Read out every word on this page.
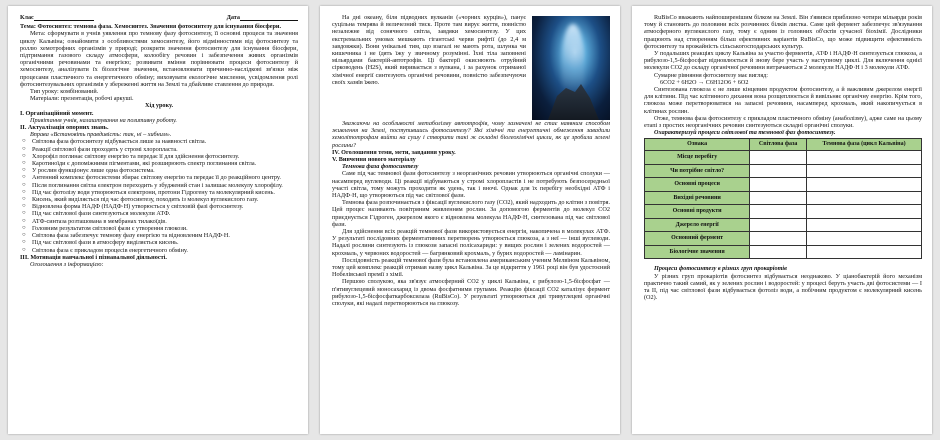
Клас	Дата

Тема: Фотосинтез: темнова фаза. Хемосинтез. Значення фотосинтезу для існування біосфери.

Мета: сформувати в учнів уявлення про темнову фазу фотосинтезу, її основні процеси та значення циклу Кальвіна; ознайомити з особливостями хемосинтезу, його відмінностями від фотосинтезу та роллю хемотрофних організмів у природі; розкрити значення фотосинтезу для існування біосфери, підтримання газового складу атмосфери, колообігу речовин і забезпечення живих організмів органічними речовинами та енергією; розвивати вміння порівнювати процеси фотосинтезу й хемосинтезу, аналізувати їх біологічне значення, встановлювати причинно-наслідкові зв'язки між процесами пластичного та енергетичного обміну; виховувати екологічне мислення, усвідомлення ролі фотосинтезувальних організмів у збереженні життя на Землі та дбайливе ставлення до природи.

Тип уроку: комбінований.

Матеріали: презентація, робочі аркуші.

Хід уроку.

І. Організаційний момент.

Привітання учнів, налаштування на позитивну роботу.

ІІ. Актуалізація опорних знань.

Вправа «Встановіть правдивість: так, ні – хибним».

○ Світлова фаза фотосинтезу відбувається лише за наявності світла.
○ Реакції світлової фази проходять у стромі хлоропласта.
○ Хлорофіл поглинає світлову енергію та передає її для здійснення фотосинтезу.
○ Каротиноїди є допоміжними пігментами, які розширюють спектр поглинання світла.
○ У рослин функціонує лише одна фотосистема.
○ Антенний комплекс фотосистеми збирає світлову енергію та передає її до реакційного центру.
○ Після поглинання світла електрон переходить у збуджений стан і залишає молекулу хлорофілу.
○ Під час фотолізу води утворюються електрони, протони Гідрогену та молекулярний кисень.
○ Кисень, який виділяється під час фотосинтезу, походить із молекул вуглекислого газу.
○ Відновлена форма НАДФ (НАДФ·Н) утворюється у світловій фазі фотосинтезу.
○ Під час світлової фази синтезуються молекули АТФ.
○ АТФ-синтаза розташована в мембранах тилакоїдів.
○ Головним результатом світлової фази є утворення глюкози.
○ Світлова фаза забезпечує темнову фазу енергією та відновленим НАДФ·Н.
○ Під час світлової фази в атмосферу виділяється кисень.
○ Світлова фаза є прикладом процесів енергетичного обміну.

ІІІ. Мотивація навчальної і пізнавальної діяльності.

Оголошення з інформацією:

На дні океану, біля підводних вулканів («чорних курців»), панує суцільна темрява й величезний тиск. Проте там вирує життя, повністю незалежне від сонячного світла, завдяки хемосинтезу. У цих екстремальних умовах мешкають гігантські черви рифтії (до 2,4 м завдовжки). Вони унікальні тим, що взагалі не мають рота, шлунка чи кишечника і не їдять їжу у звичному розумінні. Їхні тіла заповнені мільярдами бактерій-автотрофів. Ці бактерії окиснюють отруйний сірководень (H2S), який виривається з вулкана, і за рахунок отриманої хімічної енергії синтезують органічні речовини, повністю забезпечуючи своїх хазяїв їжею.

Зважаючи на особливості метаболізму автотрофів, чому зазначені не стає наявним способом живлення на Землі, поступившись фотосинтезу? Які хімічні та енергетичні обмеження завадили хемолітотрофам вийти на сушу і створити такі ж складні біогеохімічні цикли, як це зробили зелені рослини?

IV. Оголошення теми, мети, завдання уроку.

V. Вивчення нового матеріалу

Темнова фаза фотосинтезу

Саме під час темнової фази фотосинтезу з неорганічних речовин утворюються органічні сполуки — насамперед вуглеводи. Ці реакції відбуваються у стромі хлоропластів і не потребують безпосередньої участі світла, тому можуть проходити як удень, так і вночі. Однак для їх перебігу необхідні АТФ і НАДФ·Н, що утворюються під час світлової фази.

Темнова фаза розпочинається з фіксації вуглекислого газу (CO2), який надходить до клітин з повітря. Цей процес називають повітряним живленням рослин. За допомогою ферментів до молекул CO2 приєднується Гідроген, джерелом якого є відновлена молекула НАДФ·Н, синтезована під час світлової фази.

Для здійснення всіх реакцій темнової фази використовується енергія, накопичена в молекулах АТФ. У результаті послідовних ферментативних перетворень утворюється глюкоза, а з неї — інші вуглеводи. Надалі рослини синтезують із глюкози запасні полісахариди: у вищих рослин і зелених водоростей — крохмаль, у червоних водоростей — багрянковий крохмаль, у бурих водоростей — ламінарин.

Послідовність реакцій темнової фази була встановлена американським ученим Мелвіном Кальвіном, тому цей комплекс реакцій отримав назву цикл Кальвіна. За це відкриття у 1961 році він був удостоєний Нобелівської премії з хімії.

Першою сполукою, яка зв'язує атмосферний CO2 у циклі Кальвіна, є рибулозо-1,5-бісфосфат — п'ятивуглецевий моносахарид із двома фосфатними групами. Реакцію фіксації CO2 каталізує фермент рибулозо-1,5-бісфосфаткарбоксилаза (RuBisCo). У результаті утворюються дві тривуглецеві органічні сполуки, які надалі перетворюються на глюкозу.

RuBisCo вважають найпоширенішим білком на Землі. Він з'явився приблизно чотири мільярди років тому й становить до половини всіх розчинних білків листка. Саме цей фермент забезпечує зв'язування атмосферного вуглекислого газу, тому є одним із головних об'єктів сучасної біохімії. Дослідники працюють над створенням більш ефективних варіантів RuBisCo, що може підвищити ефективність фотосинтезу та врожайність сільськогосподарських культур.

У подальших реакціях циклу Кальвіна за участю ферментів, АТФ і НАДФ·Н синтезується глюкоза, а рибулозо-1,5-бісфосфат відновлюється й знову бере участь у наступному циклі. Для включення однієї молекули CO2 до складу органічної речовини витрачаються 2 молекули НАДФ·Н і 3 молекули АТФ.

Сумарне рівняння фотосинтезу має вигляд:

6CO2 + 6H2O → C6H12O6 + 6O2

Синтезована глюкоза є не лише кінцевим продуктом фотосинтезу, а й важливим джерелом енергії для клітини. Під час клітинного дихання вона розщеплюється й вивільняє органічну енергію. Крім того, глюкоза може перетворюватися на запасні речовини, насамперед крохмаль, який накопичується в клітинах рослин.

Отже, темнова фаза фотосинтезу є прикладом пластичного обміну (анаболізму), адже саме на цьому етапі з простих неорганічних речовин синтезуються складні органічні сполуки.

Охарактеризуй процеси світлової та темнової фаз фотосинтезу.

Ознака	Світлова фаза	Темнова фаза (цикл Кальвіна)
Місце перебігу		
Чи потрібне світло?		
Основні процеси		
Вихідні речовини		
Основні продукти		
Джерело енергії		
Основний фермент		
Біологічне значення		

Процеси фотосинтезу в різних груп прокаріотів

У різних груп прокаріотів фотосинтез відбувається неоднаково. У ціанобактерій його механізм практично такий самий, як у зелених рослин і водоростей: у процесі беруть участь дві фотосистеми — I та II, під час світлової фази відбувається фотоліз води, а побічним продуктом є молекулярний кисень (O2).
